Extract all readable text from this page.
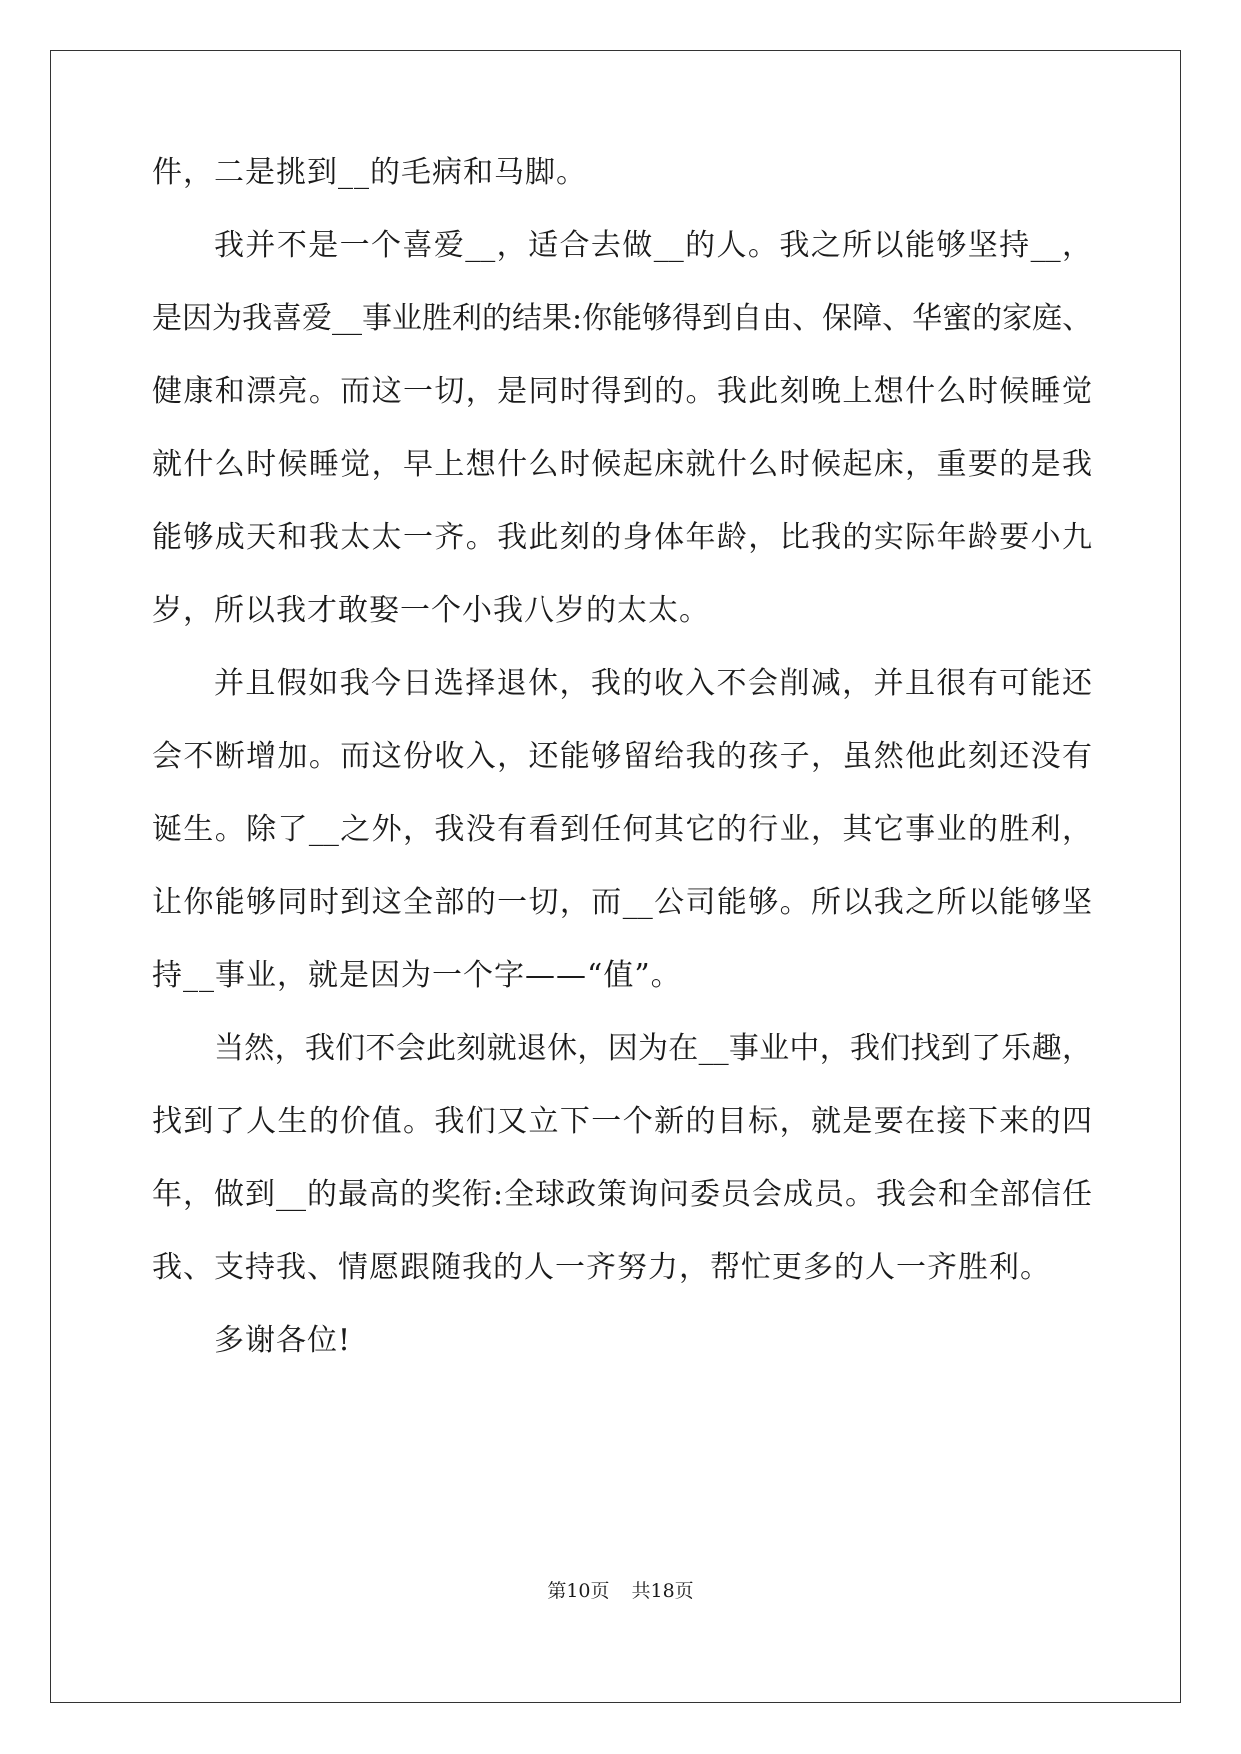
件，二是挑到__的毛病和马脚。
我并不是一个喜爱__，适合去做__的人。我之所以能够坚持__，
是因为我喜爱__事业胜利的结果:你能够得到自由、保障、华蜜的家庭、
健康和漂亮。而这一切，是同时得到的。我此刻晚上想什么时候睡觉
就什么时候睡觉，早上想什么时候起床就什么时候起床，重要的是我
能够成天和我太太一齐。我此刻的身体年龄，比我的实际年龄要小九
岁，所以我才敢娶一个小我八岁的太太。
并且假如我今日选择退休，我的收入不会削减，并且很有可能还
会不断增加。而这份收入，还能够留给我的孩子，虽然他此刻还没有
诞生。除了__之外，我没有看到任何其它的行业，其它事业的胜利，
让你能够同时到这全部的一切，而__公司能够。所以我之所以能够坚
持__事业，就是因为一个字——“值”。
当然，我们不会此刻就退休，因为在__事业中，我们找到了乐趣，
找到了人生的价值。我们又立下一个新的目标，就是要在接下来的四
年，做到__的最高的奖衔:全球政策询问委员会成员。我会和全部信任
我、支持我、情愿跟随我的人一齐努力，帮忙更多的人一齐胜利。
多谢各位!
第10页 共18页
